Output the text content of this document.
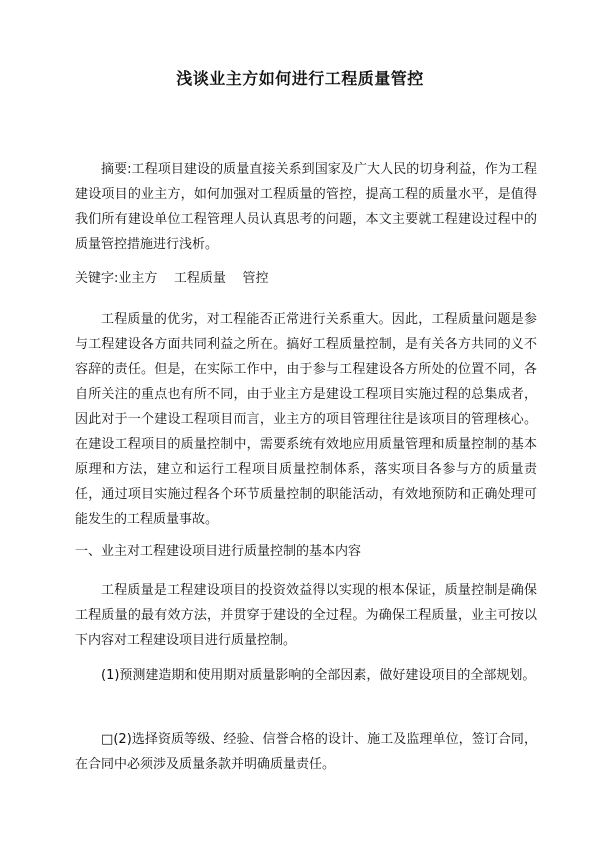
浅谈业主方如何进行工程质量管控
摘要:工程项目建设的质量直接关系到国家及广大人民的切身利益，作为工程建设项目的业主方，如何加强对工程质量的管控，提高工程的质量水平，是值得我们所有建设单位工程管理人员认真思考的问题，本文主要就工程建设过程中的质量管控措施进行浅析。
关键字:业主方    工程质量    管控
工程质量的优劣，对工程能否正常进行关系重大。因此，工程质量问题是参与工程建设各方面共同利益之所在。搞好工程质量控制，是有关各方共同的义不容辞的责任。但是，在实际工作中，由于参与工程建设各方所处的位置不同，各自所关注的重点也有所不同，由于业主方是建设工程项目实施过程的总集成者，因此对于一个建设工程项目而言，业主方的项目管理往往是该项目的管理核心。在建设工程项目的质量控制中，需要系统有效地应用质量管理和质量控制的基本原理和方法，建立和运行工程项目质量控制体系，落实项目各参与方的质量责任，通过项目实施过程各个环节质量控制的职能活动，有效地预防和正确处理可能发生的工程质量事故。
一、业主对工程建设项目进行质量控制的基本内容
工程质量是工程建设项目的投资效益得以实现的根本保证，质量控制是确保工程质量的最有效方法，并贯穿于建设的全过程。为确保工程质量，业主可按以下内容对工程建设项目进行质量控制。
(1)预测建造期和使用期对质量影响的全部因素，做好建设项目的全部规划。
□(2)选择资质等级、经验、信誉合格的设计、施工及监理单位，签订合同，在合同中必须涉及质量条款并明确质量责任。
